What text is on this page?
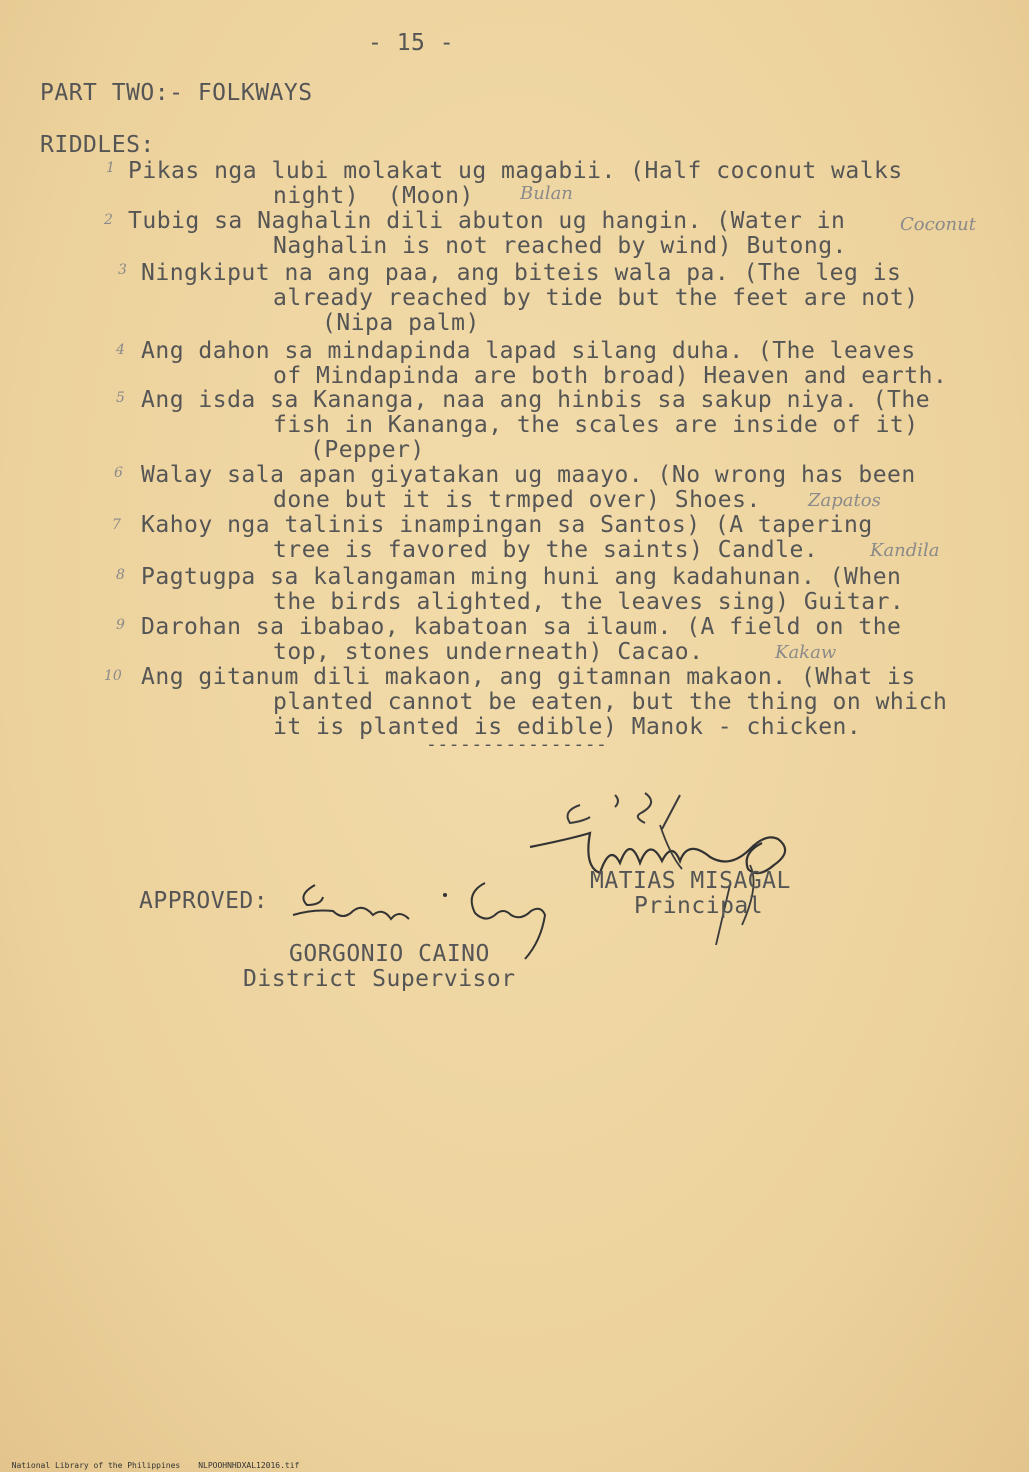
- 15 -
PART TWO:- FOLKWAYS
RIDDLES:
1 Pikas nga lubi molakat ug magabii. (Half coconut walks
night)  (Moon)	Bulan
2 Tubig sa Naghalin dili abuton ug hangin. (Water in
Naghalin is not reached by wind) Butong.
Coconut
3 Ningkiput na ang paa, ang biteis wala pa. (The leg is
already reached by tide but the feet are not)
(Nipa palm)
4 Ang dahon sa mindapinda lapad silang duha. (The leaves
of Mindapinda are both broad) Heaven and earth.
5 Ang isda sa Kananga, naa ang hinbis sa sakup niya. (The
fish in Kananga, the scales are inside of it)
(Pepper)
6 Walay sala apan giyatakan ug maayo. (No wrong has been
done but it is trmped over) Shoes.	Zapatos
7 Kahoy nga talinis inampingan sa Santos) (A tapering
tree is favored by the saints) Candle.	Kandila
8 Pagtugpa sa kalangaman ming huni ang kadahunan. (When
the birds alighted, the leaves sing) Guitar.
9 Darohan sa ibabao, kabatoan sa ilaum. (A field on the
top, stones underneath) Cacao.	Kakaw
10 Ang gitanum dili makaon, ang gitamnan makaon. (What is
planted cannot be eaten, but the thing on which
it is planted is edible) Manok - chicken.
----------------
MATIAS MISAGAL
Principal
APPROVED:
GORGONIO CAINO
District Supervisor

National Library of the Philippines NLPOOHNHDXAL12016.tif
